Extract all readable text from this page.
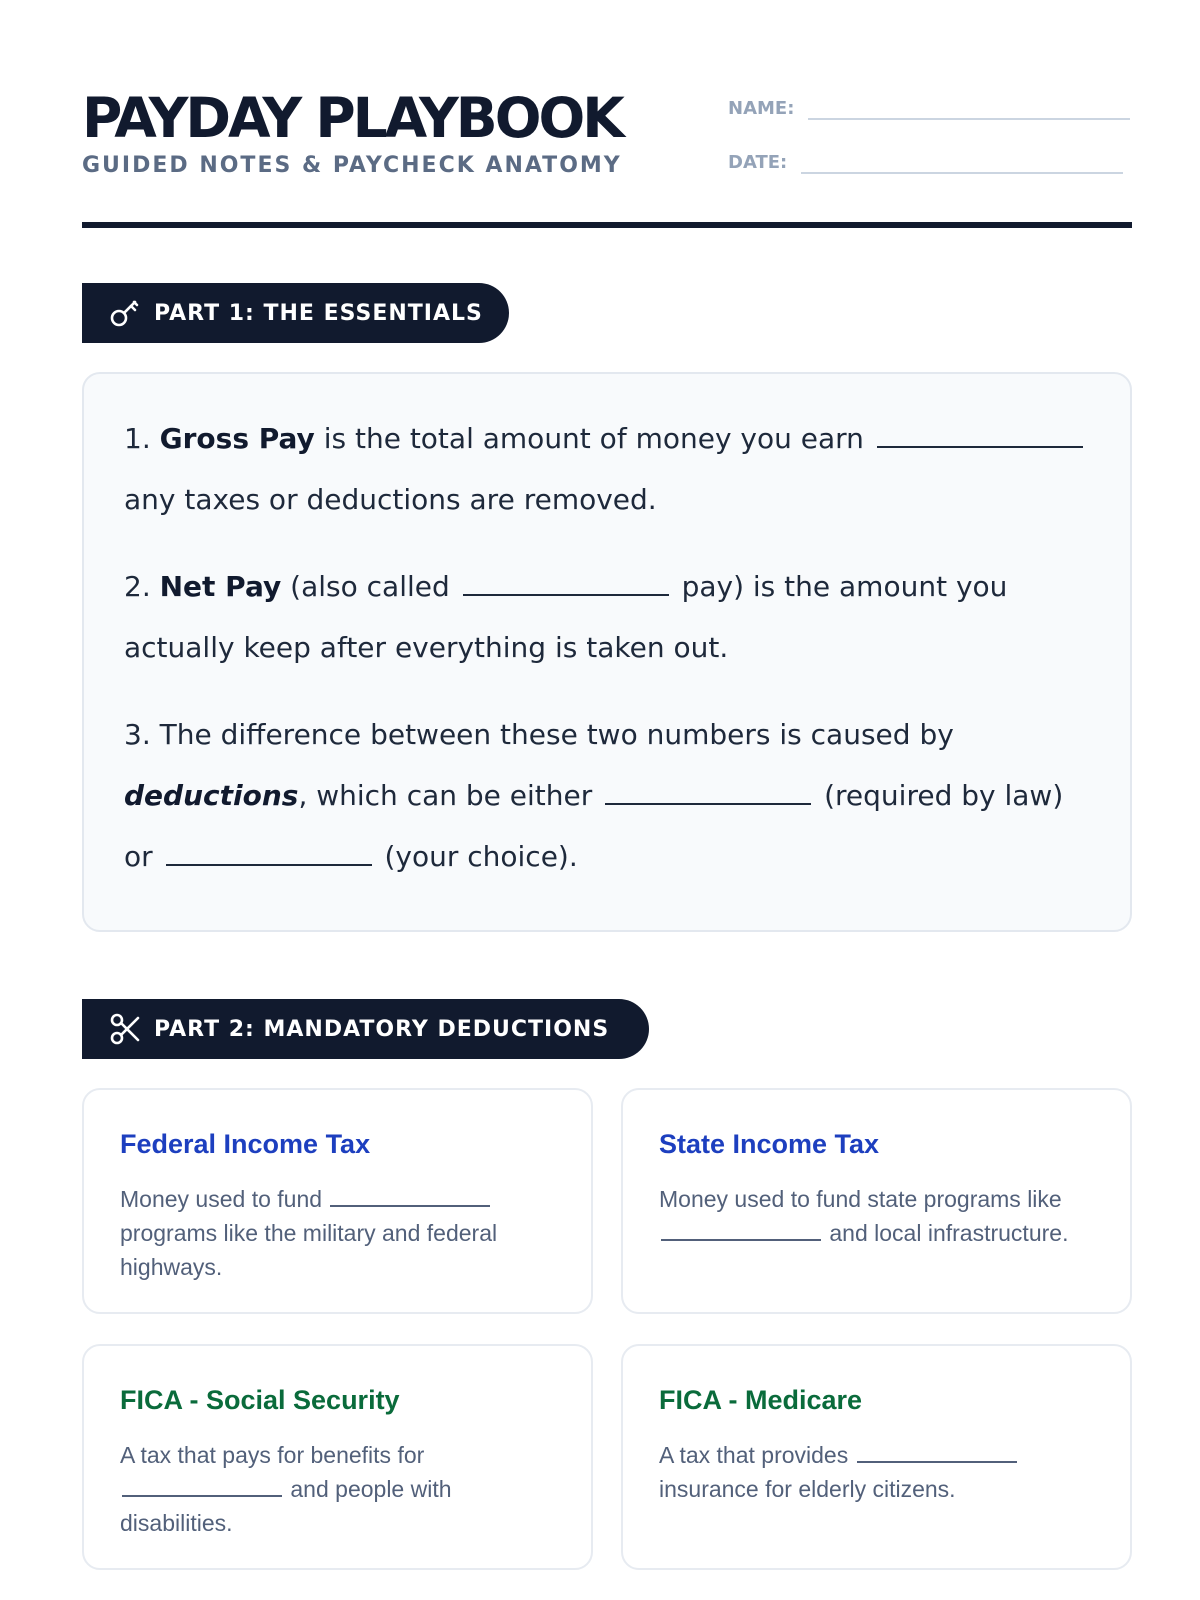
PAYDAY PLAYBOOK
GUIDED NOTES & PAYCHECK ANATOMY
NAME:
DATE:
PART 1: THE ESSENTIALS

1. Gross Pay is the total amount of money you earn  any taxes or deductions are removed.

2. Net Pay (also called	pay) is the amount you actually keep after everything is taken out.

3. The difference between these two numbers is caused by deductions, which can be either	(required by law) or	(your choice).

PART 2: MANDATORY DEDUCTIONS
Federal Income Tax
Money used to fund  programs like the military and federal highways.
State Income Tax
Money used to fund state programs like  and local infrastructure.
FICA - Social Security
A tax that pays for benefits for  and people with disabilities.
FICA - Medicare
A tax that provides  insurance for elderly citizens.
